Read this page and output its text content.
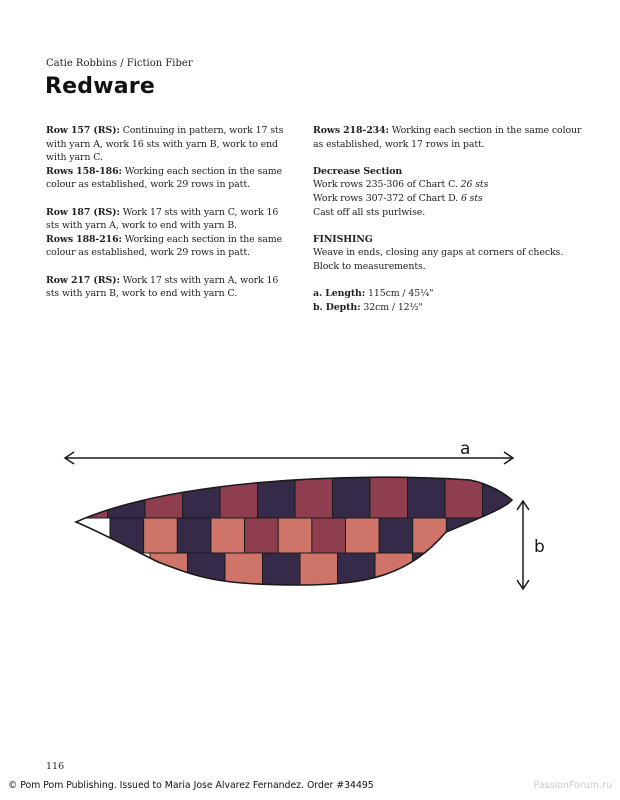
Catie Robbins / Fiction Fiber
Redware

Row 157 (RS): Continuing in pattern, work 17 sts with yarn A, work 16 sts with yarn B, work to end with yarn C.

Rows 158-186: Working each section in the same colour as established, work 29 rows in patt.

Row 187 (RS): Work 17 sts with yarn C, work 16 sts with yarn A, work to end with yarn B.

Rows 188-216: Working each section in the same colour as established, work 29 rows in patt.

Row 217 (RS): Work 17 sts with yarn A, work 16 sts with yarn B, work to end with yarn C.

Rows 218-234: Working each section in the same colour as established, work 17 rows in patt.

Decrease Section

Work rows 235-306 of Chart C. 26 sts

Work rows 307-372 of Chart D. 6 sts

Cast off all sts purlwise.

FINISHING

Weave in ends, closing any gaps at corners of checks. Block to measurements.

a. Length: 115cm / 45¼"

b. Depth: 32cm / 12½"

a
b
116
© Pom Pom Publishing. Issued to Maria Jose Alvarez Fernandez. Order #34495	PassionForum.ru
